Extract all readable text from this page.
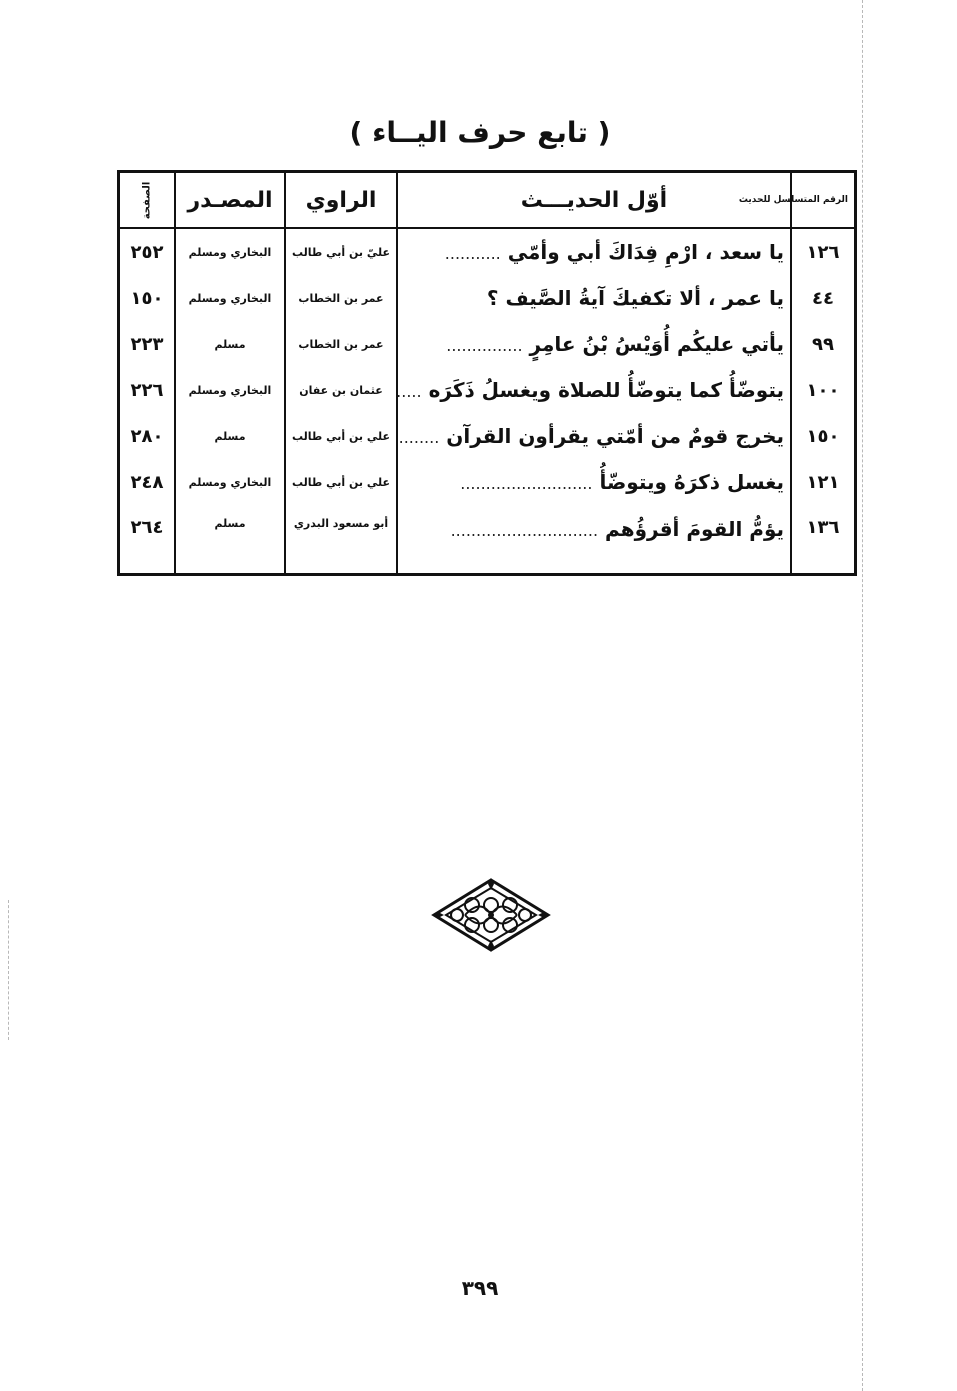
( تابع حرف اليــاء )
الرقم المتسلسل للحديث	أوّل الحديـــث	الراوي	المصـدر	الصفحة
١٢٦	يا سعد ، ارْمِ فِدَاكَ أبي وأمّي ...........	عليّ بن أبي طالب	البخاري ومسلم	٢٥٢
٤٤	يا عمر ، ألا تكفيكَ آيةُ الصَّيف ؟	عمر بن الخطاب	البخاري ومسلم	١٥٠
٩٩	يأتي عليكُم أُوَيْسُ بْنُ عامِرٍ ...............	عمر بن الخطاب	مسلم	٢٢٣
١٠٠	يتوضّأُ كما يتوضّأُ للصلاة ويغسلُ ذَكَرَه .....	عثمان بن عفان	البخاري ومسلم	٢٢٦
١٥٠	يخرج قومٌ من أمّتي يقرأون القرآن ........	علي بن أبي طالب	مسلم	٢٨٠
١٢١	يغسل ذكرَهُ ويتوضّأُ ..........................	علي بن أبي طالب	البخاري ومسلم	٢٤٨
١٣٦	يؤمُّ القومَ أقرؤُهم .............................	أبو مسعود البدري	مسلم	٢٦٤
٣٩٩
